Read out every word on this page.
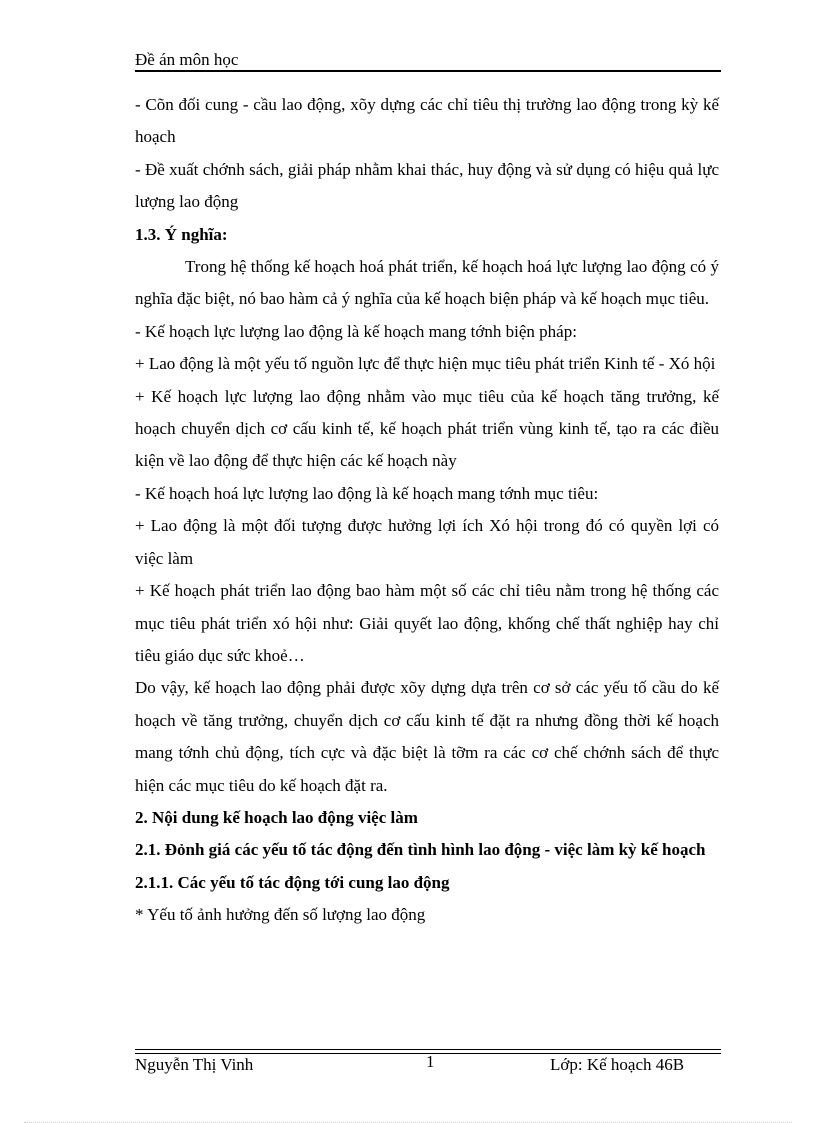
Đề án môn học

- Cõn đối cung - cầu lao động, xõy dựng các chỉ tiêu thị trường lao động trong kỳ kế hoạch

- Đề xuất chớnh sách, giải pháp nhằm khai thác, huy động và sử dụng có hiệu quả lực lượng lao động

1.3. Ý nghĩa:

Trong hệ thống kế hoạch hoá phát triển, kế hoạch hoá lực lượng lao động có ý nghĩa đặc biệt, nó bao hàm cả ý nghĩa của kế hoạch biện pháp và kế hoạch mục tiêu.

- Kế hoạch lực lượng lao động là kế hoạch mang tớnh biện pháp:

+ Lao động là một yếu tố nguồn lực để thực hiện mục tiêu phát triển Kinh tế - Xó hội

+ Kế hoạch lực lượng lao động nhằm vào mục tiêu của kế hoạch tăng trưởng, kế hoạch chuyển dịch cơ cấu kinh tế, kế hoạch phát triển vùng kinh tế, tạo ra các điều kiện về lao động để thực hiện các kế hoạch này

- Kế hoạch hoá lực lượng lao động là kế hoạch mang tớnh mục tiêu:

+ Lao động là một đối tượng được hưởng lợi ích Xó hội trong đó có quyền lợi có việc làm

+ Kế hoạch phát triển lao động bao hàm một số các chỉ tiêu nằm trong hệ thống các mục tiêu phát triển xó hội như: Giải quyết lao động, khống chế thất nghiệp hay chỉ tiêu giáo dục sức khoẻ…

Do vậy, kế hoạch lao động phải được xõy dựng dựa trên cơ sở các yếu tố cầu do kế hoạch về tăng trưởng, chuyển dịch cơ cấu kinh tế đặt ra nhưng đồng thời kế hoạch mang tớnh chủ động, tích cực và đặc biệt là tỡm ra các cơ chế chớnh sách để thực hiện các mục tiêu do kế hoạch đặt ra.

2. Nội dung kế hoạch lao động việc làm

2.1. Đỏnh giá các yếu tố tác động đến tình hình lao động - việc làm kỳ kế hoạch

2.1.1. Các yếu tố tác động tới cung lao động

* Yếu tố ảnh hưởng đến số lượng lao động

Nguyễn Thị Vinh	1	Lớp: Kế hoạch 46B
